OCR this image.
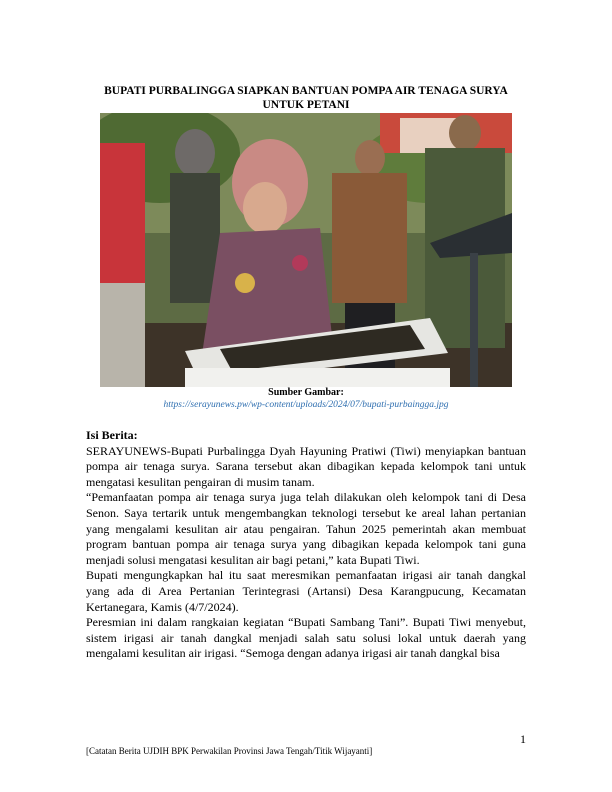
BUPATI PURBALINGGA SIAPKAN BANTUAN POMPA AIR TENAGA SURYA UNTUK PETANI
Sumber Gambar:
https://serayunews.pw/wp-content/uploads/2024/07/bupati-purbaingga.jpg

Isi Berita:

SERAYUNEWS-Bupati Purbalingga Dyah Hayuning Pratiwi (Tiwi) menyiapkan bantuan pompa air tenaga surya. Sarana tersebut akan dibagikan kepada kelompok tani untuk mengatasi kesulitan pengairan di musim tanam.

“Pemanfaatan pompa air tenaga surya juga telah dilakukan oleh kelompok tani di Desa Senon. Saya tertarik untuk mengembangkan teknologi tersebut ke areal lahan pertanian yang mengalami kesulitan air atau pengairan. Tahun 2025 pemerintah akan membuat program bantuan pompa air tenaga surya yang dibagikan kepada kelompok tani guna menjadi solusi mengatasi kesulitan air bagi petani,” kata Bupati Tiwi.

Bupati mengungkapkan hal itu saat meresmikan pemanfaatan irigasi air tanah dangkal yang ada di Area Pertanian Terintegrasi (Artansi) Desa Karangpucung, Kecamatan Kertanegara, Kamis (4/7/2024).

Peresmian ini dalam rangkaian kegiatan “Bupati Sambang Tani”. Bupati Tiwi menyebut, sistem irigasi air tanah dangkal menjadi salah satu solusi lokal untuk daerah yang mengalami kesulitan air irigasi. “Semoga dengan adanya irigasi air tanah dangkal bisa

1
[Catatan Berita UJDIH BPK Perwakilan Provinsi Jawa Tengah/Titik Wijayanti]
